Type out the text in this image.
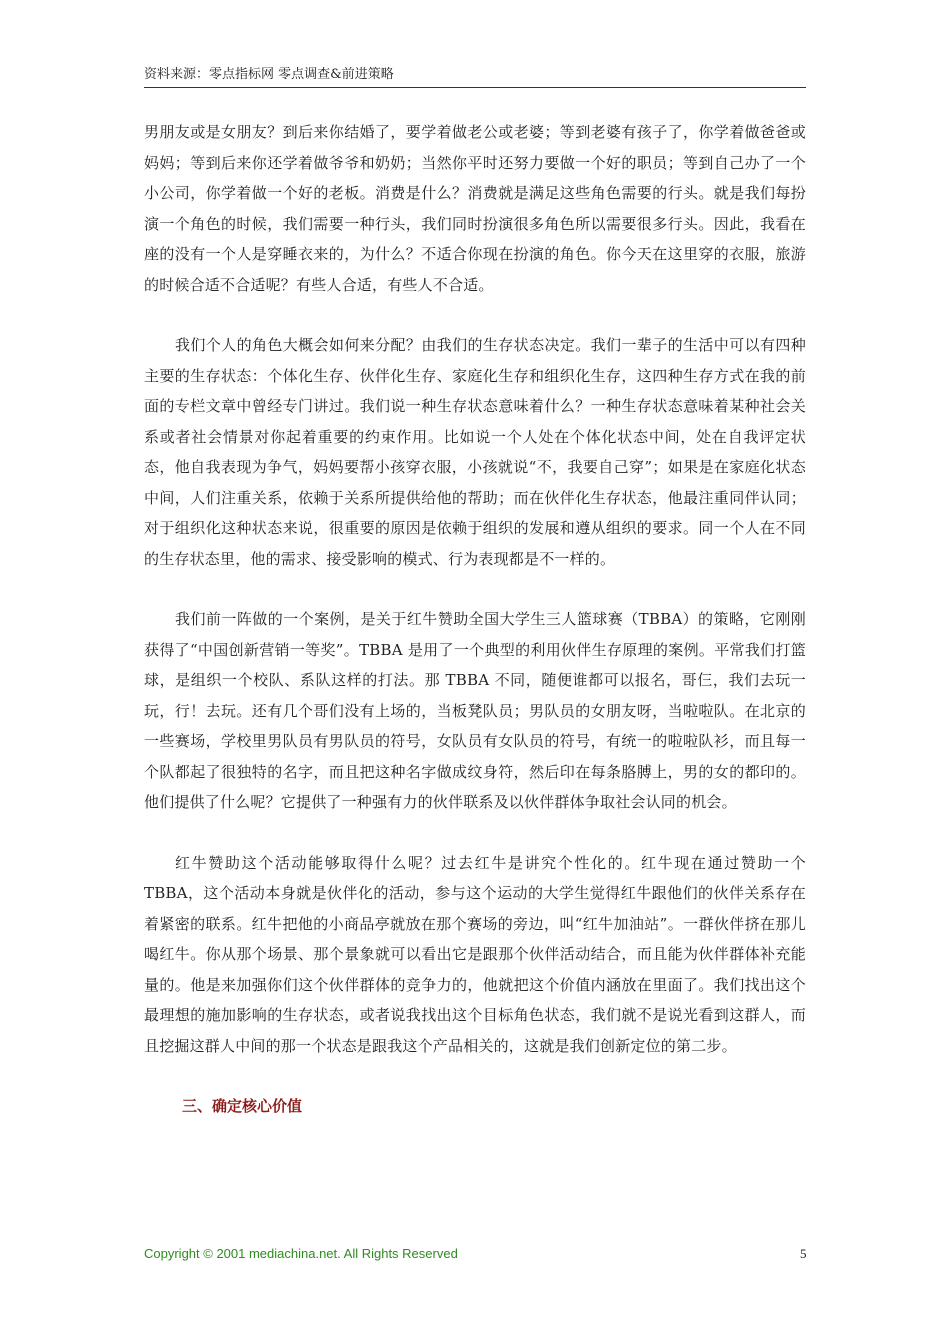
资料来源：零点指标网 零点调查&前进策略

男朋友或是女朋友？到后来你结婚了，要学着做老公或老婆；等到老婆有孩子了，你学着做爸爸或妈妈；等到后来你还学着做爷爷和奶奶；当然你平时还努力要做一个好的职员；等到自己办了一个小公司，你学着做一个好的老板。消费是什么？消费就是满足这些角色需要的行头。就是我们每扮演一个角色的时候，我们需要一种行头，我们同时扮演很多角色所以需要很多行头。因此，我看在座的没有一个人是穿睡衣来的，为什么？不适合你现在扮演的角色。你今天在这里穿的衣服，旅游的时候合适不合适呢？有些人合适，有些人不合适。

我们个人的角色大概会如何来分配？由我们的生存状态决定。我们一辈子的生活中可以有四种主要的生存状态：个体化生存、伙伴化生存、家庭化生存和组织化生存，这四种生存方式在我的前面的专栏文章中曾经专门讲过。我们说一种生存状态意味着什么？一种生存状态意味着某种社会关系或者社会情景对你起着重要的约束作用。比如说一个人处在个体化状态中间，处在自我评定状态，他自我表现为争气，妈妈要帮小孩穿衣服，小孩就说“不，我要自己穿”；如果是在家庭化状态中间，人们注重关系，依赖于关系所提供给他的帮助；而在伙伴化生存状态，他最注重同伴认同；对于组织化这种状态来说，很重要的原因是依赖于组织的发展和遵从组织的要求。同一个人在不同的生存状态里，他的需求、接受影响的模式、行为表现都是不一样的。

我们前一阵做的一个案例，是关于红牛赞助全国大学生三人篮球赛（TBBA）的策略，它刚刚获得了“中国创新营销一等奖”。TBBA 是用了一个典型的利用伙伴生存原理的案例。平常我们打篮球，是组织一个校队、系队这样的打法。那 TBBA 不同，随便谁都可以报名，哥仨，我们去玩一玩，行！去玩。还有几个哥们没有上场的，当板凳队员；男队员的女朋友呀，当啦啦队。在北京的一些赛场，学校里男队员有男队员的符号，女队员有女队员的符号，有统一的啦啦队衫，而且每一个队都起了很独特的名字，而且把这种名字做成纹身符，然后印在每条胳膊上，男的女的都印的。他们提供了什么呢？它提供了一种强有力的伙伴联系及以伙伴群体争取社会认同的机会。

红牛赞助这个活动能够取得什么呢？过去红牛是讲究个性化的。红牛现在通过赞助一个 TBBA，这个活动本身就是伙伴化的活动，参与这个运动的大学生觉得红牛跟他们的伙伴关系存在着紧密的联系。红牛把他的小商品亭就放在那个赛场的旁边，叫“红牛加油站”。一群伙伴挤在那儿喝红牛。你从那个场景、那个景象就可以看出它是跟那个伙伴活动结合，而且能为伙伴群体补充能量的。他是来加强你们这个伙伴群体的竞争力的，他就把这个价值内涵放在里面了。我们找出这个最理想的施加影响的生存状态，或者说我找出这个目标角色状态，我们就不是说光看到这群人，而且挖掘这群人中间的那一个状态是跟我这个产品相关的，这就是我们创新定位的第二步。

三、确定核心价值
Copyright © 2001 mediachina.net. All Rights Reserved	5
